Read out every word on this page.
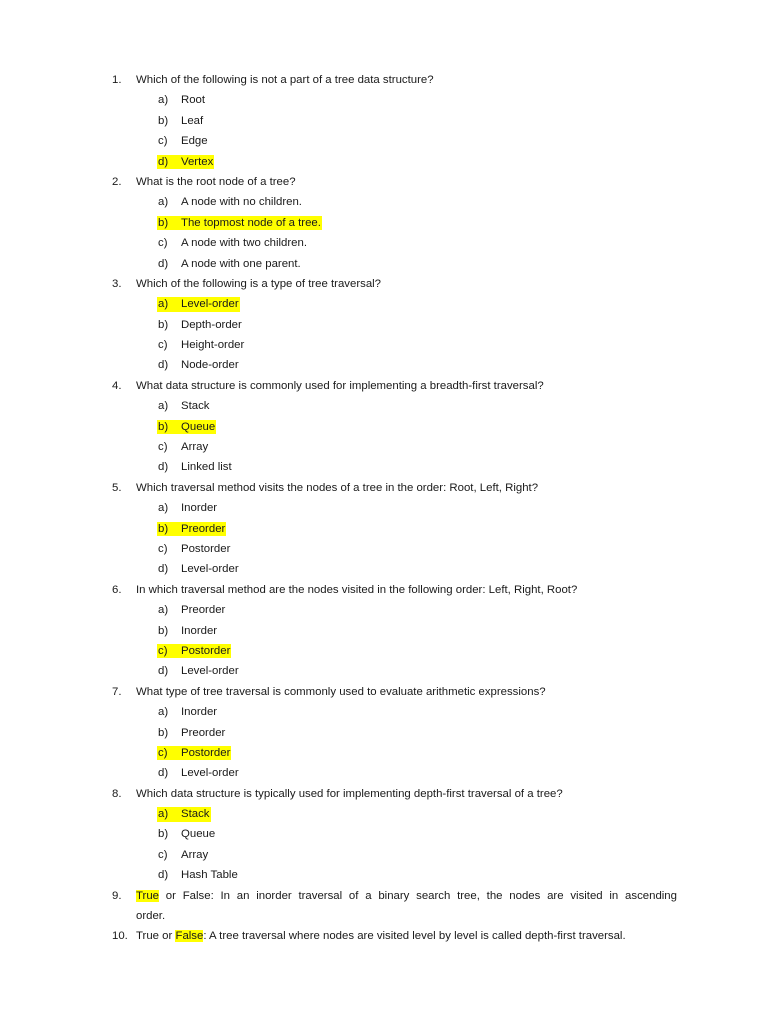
1.	Which of the following is not a part of a tree data structure?
a)	Root
b)	Leaf
c)	Edge
d)	Vertex
2.	What is the root node of a tree?
a)	A node with no children.
b)	The topmost node of a tree.
c)	A node with two children.
d)	A node with one parent.
3.	Which of the following is a type of tree traversal?
a)	Level-order
b)	Depth-order
c)	Height-order
d)	Node-order
4.	What data structure is commonly used for implementing a breadth-first traversal?
a)	Stack
b)	Queue
c)	Array
d)	Linked list
5.	Which traversal method visits the nodes of a tree in the order: Root, Left, Right?
a)	Inorder
b)	Preorder
c)	Postorder
d)	Level-order
6.	In which traversal method are the nodes visited in the following order: Left, Right, Root?
a)	Preorder
b)	Inorder
c)	Postorder
d)	Level-order
7.	What type of tree traversal is commonly used to evaluate arithmetic expressions?
a)	Inorder
b)	Preorder
c)	Postorder
d)	Level-order
8.	Which data structure is typically used for implementing depth-first traversal of a tree?
a)	Stack
b)	Queue
c)	Array
d)	Hash Table
9.	True or False: In an inorder traversal of a binary search tree, the nodes are visited in ascending
order.
10. True or False: A tree traversal where nodes are visited level by level is called depth-first traversal.
